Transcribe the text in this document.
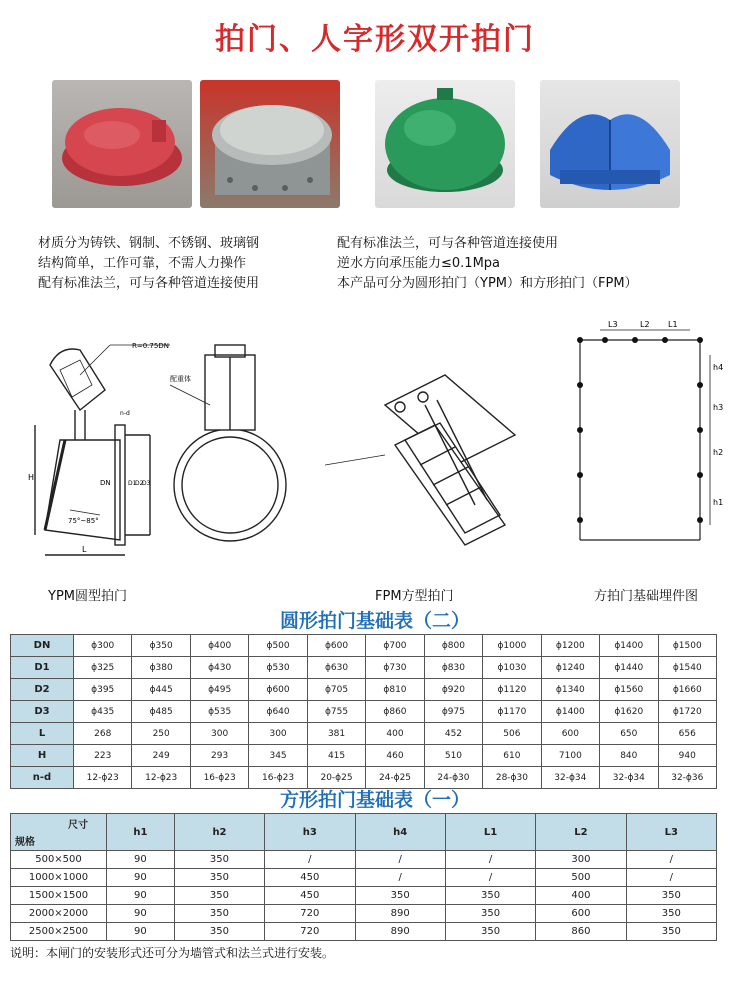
拍门、人字形双开拍门
材质分为铸铁、钢制、不锈钢、玻璃钢
结构简单，工作可靠，不需人力操作
配有标准法兰，可与各种管道连接使用
配有标准法兰，可与各种管道连接使用
逆水方向承压能力≤0.1Mpa
本产品可分为圆形拍门（YPM）和方形拍门（FPM）
R=0.75DN
H
L
75°~85°
DN	D1
D2
D3
n-d
配重体
L3	L2 L1
h4
h3
h2
h1
YPM圆型拍门	FPM方型拍门	方拍门基础埋件图
圆形拍门基础表（二）
DN	ϕ300	ϕ350	ϕ400	ϕ500	ϕ600	ϕ700	ϕ800	ϕ1000	ϕ1200	ϕ1400	ϕ1500
D1	ϕ325	ϕ380	ϕ430	ϕ530	ϕ630	ϕ730	ϕ830	ϕ1030	ϕ1240	ϕ1440	ϕ1540
D2	ϕ395	ϕ445	ϕ495	ϕ600	ϕ705	ϕ810	ϕ920	ϕ1120	ϕ1340	ϕ1560	ϕ1660
D3	ϕ435	ϕ485	ϕ535	ϕ640	ϕ755	ϕ860	ϕ975	ϕ1170	ϕ1400	ϕ1620	ϕ1720
L	268	250	300	300	381	400	452	506	600	650	656
H	223	249	293	345	415	460	510	610	7100	840	940
n-d	12-ϕ23	12-ϕ23	16-ϕ23	16-ϕ23	20-ϕ25	24-ϕ25	24-ϕ30	28-ϕ30	32-ϕ34	32-ϕ34	32-ϕ36
方形拍门基础表（一）
尺寸
规格	h1	h2	h3	h4	L1	L2	L3
500×500	90	350	/	/	/	300	/
1000×1000	90	350	450	/	/	500	/
1500×1500	90	350	450	350	350	400	350
2000×2000	90	350	720	890	350	600	350
2500×2500	90	350	720	890	350	860	350
说明：本闸门的安装形式还可分为墙管式和法兰式进行安装。
